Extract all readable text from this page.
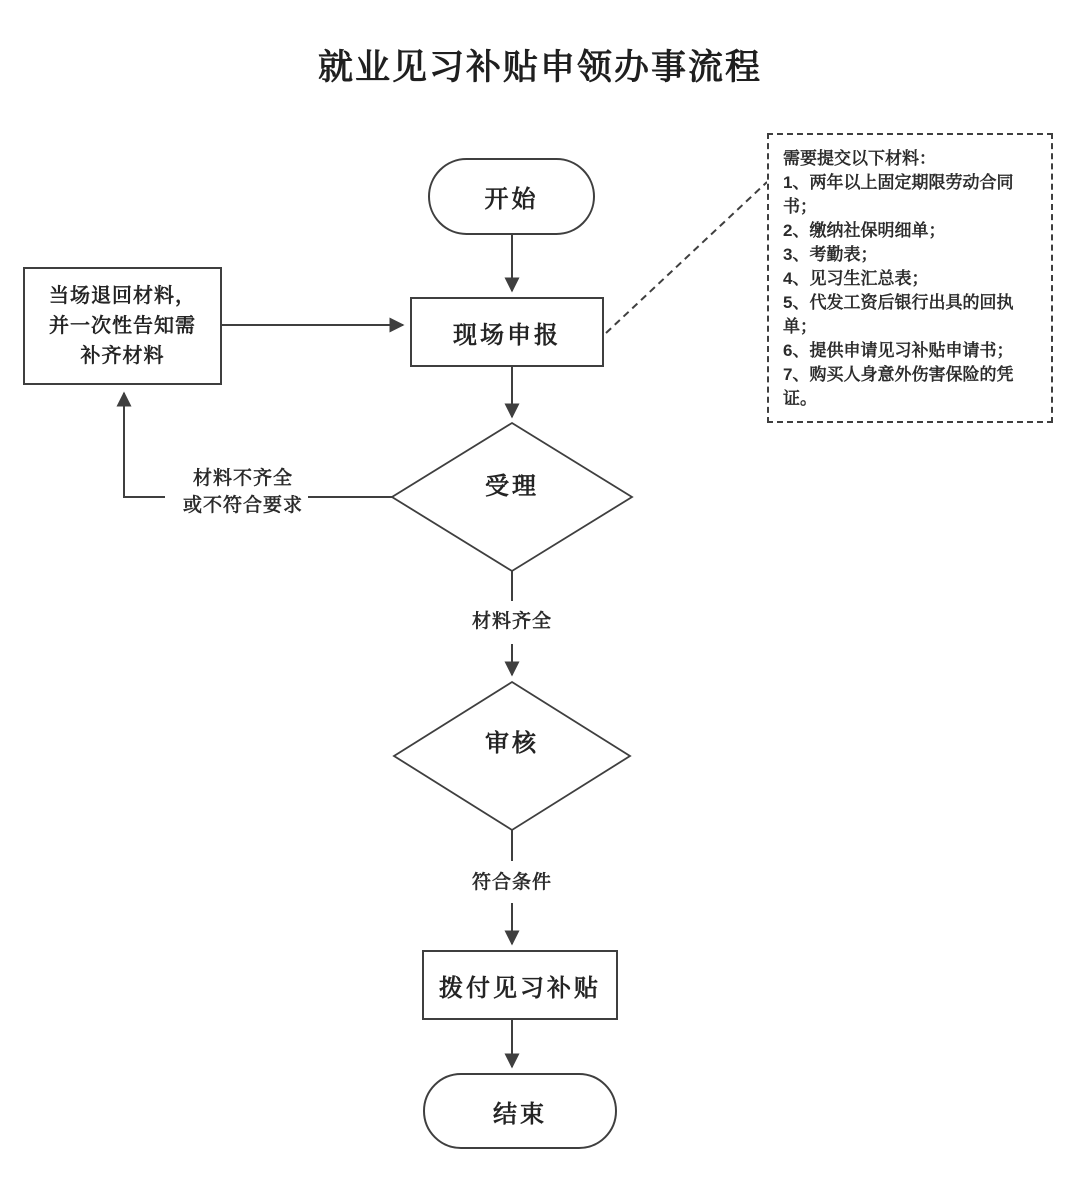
就业见习补贴申领办事流程
开始
现场申报
当场退回材料，并一次性告知需补齐材料
受理
审核
拨付见习补贴
结束
材料不齐全
或不符合要求
材料齐全
符合条件
需要提交以下材料：
1、两年以上固定期限劳动合同书；
2、缴纳社保明细单；
3、考勤表；
4、见习生汇总表；
5、代发工资后银行出具的回执单；
6、提供申请见习补贴申请书；
7、购买人身意外伤害保险的凭证。
